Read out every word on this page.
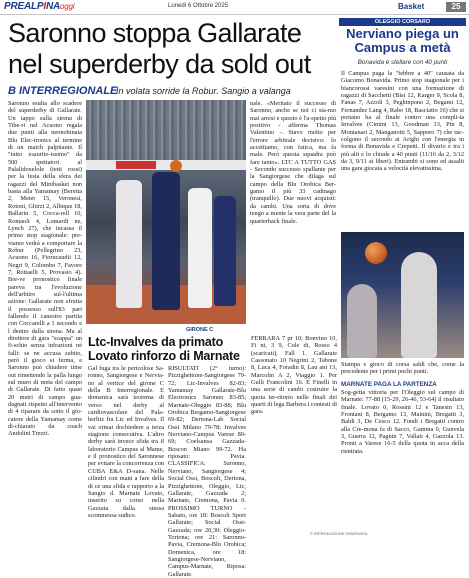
PREALPINAoggi	Lunedì 6 Ottobre 2025	Basket	25
Saronno stoppa Gallarate nel superderby da sold out
B INTERREGIONALE
In volata sorride la Robur. Sangio a valanga
Saronno esulta allo scadere del superderby di Gallarate. Un tappo sulla sirena di Tibe-ri nel Acuono regala due punti alla neonobinata Blu Elec-tronics al termine di un match palpitante. Il "tutto esaurito-issimo" da 500 spettatori al Palalidoxelole (tetti rossi) per la festa della sfera dei ragazzi del Minibasket non basta alla Yamamay (Beretta 2, Meier 15, Veronesi, Rotoni, Ghirzi 2, Albique 18, Ballarin 5, Cocca-rell 10, Romaoli 4, Lomardi ne, Lynch 27), che incassa il primo stop stagionale: pre-viamo vedrà a comportare la Robur (Pellegrino 23, Acuono 16, Fiorucaudii 12, Negri 9, Colombo 7, Favore 7, Rottaelli 5, Provasio 4). Bre-ve pronostico finale pareva tra l'evoluzione dell'arbitro sul-l'ultima azione: Gallarate non sfrutta il possesso sull'83 pari fallendo il canestro partita con Coccarelli a 1 secondo e l dentro dalla sirena. Ma al direttore di gara "scappa" un fi-schio senza infrazioni né falli: se ne accusa subito, però il gioco si ferma, e Saronno può chiudere time out rimettendo la palla lungo sul muro di meta del campo di Gallarate. Di fatto quasi 20 metri di campo gua-dagnati rispetto all'intervento di 4 riparare da sotto il gio-catore della Yamamay come di-chiarato da coach Andolini Trezzi.
nale. «Meritato il successo di Saronno, anche se noi ci sia-mo mai arresi e questo è l'a-spetto più positivo - afferma Thomas Valentino -. Stavo molto per l'errore arbitrale decisivo: lo accettiamo, con fatica, ma fa male. Però questa squadra può fare tanto». LTC A TUTTO GAS - Secondo successo spallante per la Sangiorgese che dilaga sul campo della Blu Orobica Ber-gamo il più 33 cadinago (tranquillo). Due nuovi acquisti: da cambi. Una sorta di dove tengo a mente la vera parte del la quarterback finale.
FERRARA 7 pr 10; Bonvino 10, Fi ni, 3 9, Cole di, Rosso 4 (scaricati), Fall 1. Gallarate Cassonato 10 Negrini 2, Tabone 8, Luca 4, Foradin 8, Lau ani 13, Marcolin A 2, Viaggio 1. Per Gulli Francolini 16. E Finelli in una serie di cambi costruire la quota ter-ritorio nelle finali dei quarti di lega Barbera i contesti di gara.
GIRONE C
Ltc-Invalves da primato Lovato rinforzo di Marnate
Gal fuga tra le pericolose Sa-ronno, Sangiorgese e Nervia-no al vertice del girone C della B Interregionale. E domenica sarà teorema di verso nel derby al cardiovascolare del Pala-berlitz fra Ltc ed Invalves. Il vai ormai dochiedere a terza stagione consecutiva. L'altro derby sarà invece sfida tra il laboratorio Campus al Mame, e il pronostico del Saronnese per evitare la concorrenza con CUBA E&A D-sana. Nelle cilindri con mani a fare della di ce una sfida e rapporto a la Sangio d. Marnate Lovato, inserito su corso nella Gazzata dalla stessa scommessa sudico.
RISULTATI (2° turno): Pizzighettone-Sangiorgese 79-72; Ltc-Invalves 82-83; Yamamay Gallarate-Blu Electronics Saronno 83-85; Marnate-Oleggio 83-88; Blu Orobica Bergamo-Sangiorgese 69-82; Dertona-Lab Social Ossi Milano 79-78; Invalves Nerviano-Campus Varese 80-69; Coelsansa Gazzada-Boscon Miano 99-72. Ha riposato: Pavia. CLASSIFICA: Saronno, Nerviano, Sangiorgese 4; Social Ossi, Boscoli, Dertona, Pizzighettone, Oleggio, Ltc, Gallarate, Gazzada 2; Marnate, Cremona, Pavia 0. PROSSIMO TURNO - Sabato, ore 18: Boscoli Sport Gallarate; Social Ossi-Gazzada; ore 20,30: Oleggio-Tortona; ore 21: Saronno-Pavia, Cremona-Blu Orobica; Domenica, ore 18: Sangiorgese-Nerviano, Campus-Marnate, Riposa: Gallarate.
OLEGGIO CORSARO
Nerviano piega un Campus a metà
Bonavida è stellare con 40 punti
Il Campus paga la "febbre a 40" causata da Giacomo Bonavida. Primo stop stagionale per i biancorossi varesini con una formazione di ragazzi di Sacchetti (Bisi 12, Karger 9, Scola 8, Fanas 7, Azzoli 3, Peghinpono 2, Begami 12, Fernandez Lang 4, Rabo 18, Basciatto 16) che si portano ha al finale contro una compli-ta Invalves (Cimini 13, Goodman 13, Pin 8, Montanari 2, Manganotti 5, Sapporo 7) che rac-colgono il secondo ai Arighi con l'energia in forma di Bonavida e Crepetti. Il divario è tra i più alti e lo chiude a 40 punti (11/16 da 2, 3/12 da 3, 9/11 ai liberi). Entrambi si sono ed assalti una gara giocata a velocità elevatissima.
Stampa e gioco di corsa saldi che, come la precedente per i primi pochi punti.
MARNATE PAGA LA PARTENZA
Sog-getta vittoria per l'Oleggio sul campo di Marnate: 77-88 (15-29, 26-46, 53-64) il risultato finale. Lovato 0, Rossini 12 e Tanesin 13, Frontani 8, Bergamo 13, Mainini, Bregatti 3, Baldi 3, De Cesco 12. Fondi i Bregatti contro alla Cre-mona fa di Sacco, Gamma 0, Gunvela 3, Guerra 12, Pagnin 7, Vallati 4, Gazzola 13. Pronti a Varese 16-5 della quota in acca della rientrata.
© RIPRODUZIONE RISERVATA
